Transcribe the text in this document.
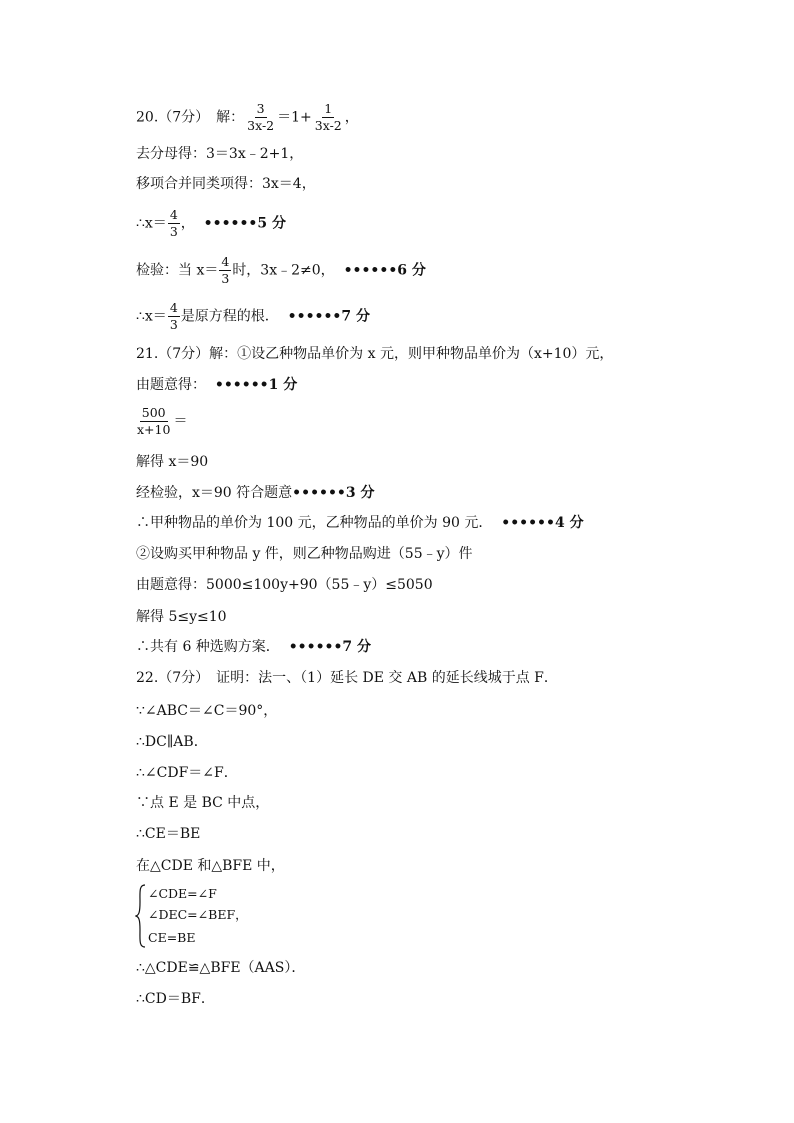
20.（7分）　解： $\frac{3}{3x-2} =1+ \frac{1}{3x-2}$ ，
去分母得：3＝3x﹣2+1，
移项合并同类项得：3x＝4，
∴x＝ $\frac{4}{3}$ ， ••••••5 分
检验：当 $x= \frac{4}{3}$ 时，3x﹣2≠0， ••••••6 分
∴x＝ $\frac{4}{3}$ 是原方程的根． ••••••7 分
21.（7分）解：①设乙种物品单价为 x 元，则甲种物品单价为（x+10）元，
由题意得： ••••••1 分
$\frac{500}{x+10}$ ＝
解得 x＝90
经检验，x＝90 符合题意••••••3 分
∴甲种物品的单价为 100 元，乙种物品的单价为 90 元． ••••••4 分
②设购买甲种物品 y 件，则乙种物品购进（55﹣y）件
由题意得：5000≤100y+90（55﹣y）≤5050
解得 5≤y≤10
∴共有 6 种选购方案． ••••••7 分
22.（7分）　证明：法一、（1）延长 DE 交 AB 的延长线城于点 F．
∵∠ABC＝∠C＝90°，
∴DC∥AB．
∴∠CDF＝∠F．
∵点 E 是 BC 中点，
∴CE＝BE
在△CDE 和△BFE 中，
∠CDE=∠F
∠DEC=∠BEF，
CE=BE
∴△CDE≌△BFE（AAS）．
∴CD＝BF．
